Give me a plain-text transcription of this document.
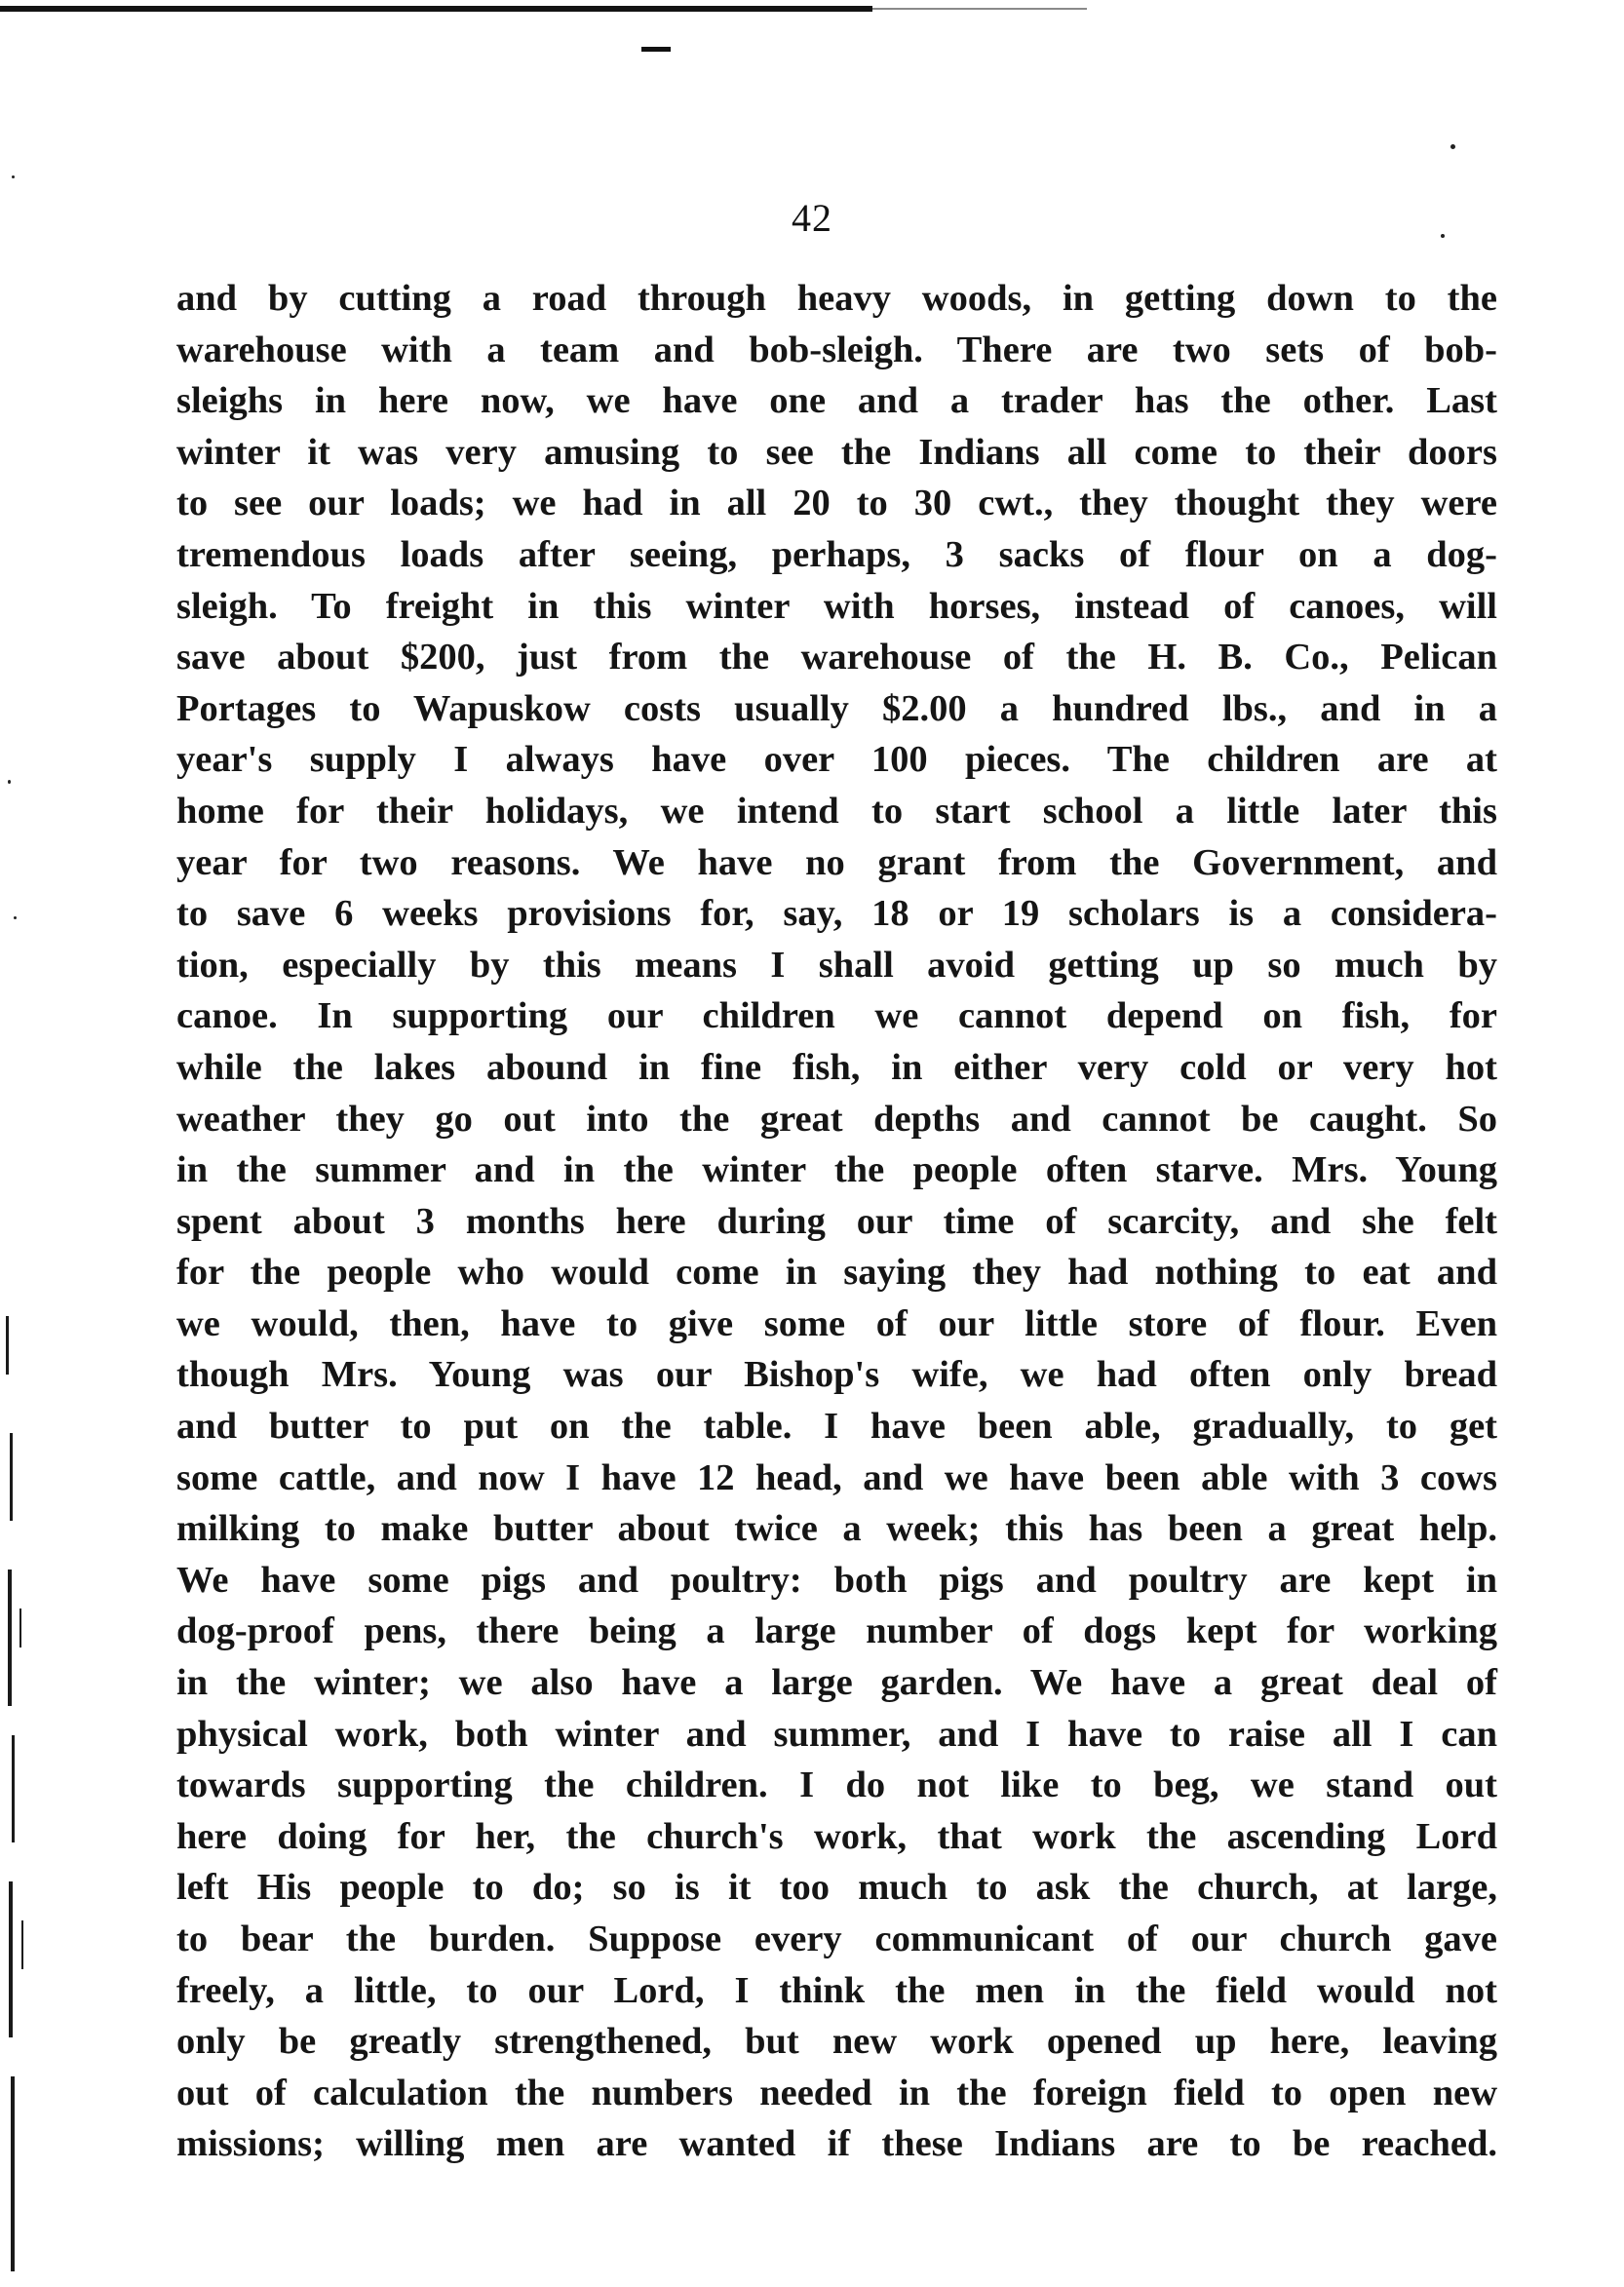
42
and by cutting a road through heavy woods, in getting down to the
warehouse with a team and bob-sleigh. There are two sets of bob-
sleighs in here now, we have one and a trader has the other. Last
winter it was very amusing to see the Indians all come to their doors
to see our loads; we had in all 20 to 30 cwt., they thought they were
tremendous loads after seeing, perhaps, 3 sacks of flour on a dog-
sleigh. To freight in this winter with horses, instead of canoes, will
save about $200, just from the warehouse of the H. B. Co., Pelican
Portages to Wapuskow costs usually $2.00 a hundred lbs., and in a
year's supply I always have over 100 pieces. The children are at
home for their holidays, we intend to start school a little later this
year for two reasons. We have no grant from the Government, and
to save 6 weeks provisions for, say, 18 or 19 scholars is a considera-
tion, especially by this means I shall avoid getting up so much by
canoe. In supporting our children we cannot depend on fish, for
while the lakes abound in fine fish, in either very cold or very hot
weather they go out into the great depths and cannot be caught. So
in the summer and in the winter the people often starve. Mrs. Young
spent about 3 months here during our time of scarcity, and she felt
for the people who would come in saying they had nothing to eat and
we would, then, have to give some of our little store of flour. Even
though Mrs. Young was our Bishop's wife, we had often only bread
and butter to put on the table. I have been able, gradually, to get
some cattle, and now I have 12 head, and we have been able with 3 cows
milking to make butter about twice a week; this has been a great help.
We have some pigs and poultry: both pigs and poultry are kept in
dog-proof pens, there being a large number of dogs kept for working
in the winter; we also have a large garden. We have a great deal of
physical work, both winter and summer, and I have to raise all I can
towards supporting the children. I do not like to beg, we stand out
here doing for her, the church's work, that work the ascending Lord
left His people to do; so is it too much to ask the church, at large,
to bear the burden. Suppose every communicant of our church gave
freely, a little, to our Lord, I think the men in the field would not
only be greatly strengthened, but new work opened up here, leaving
out of calculation the numbers needed in the foreign field to open new
missions; willing men are wanted if these Indians are to be reached.
